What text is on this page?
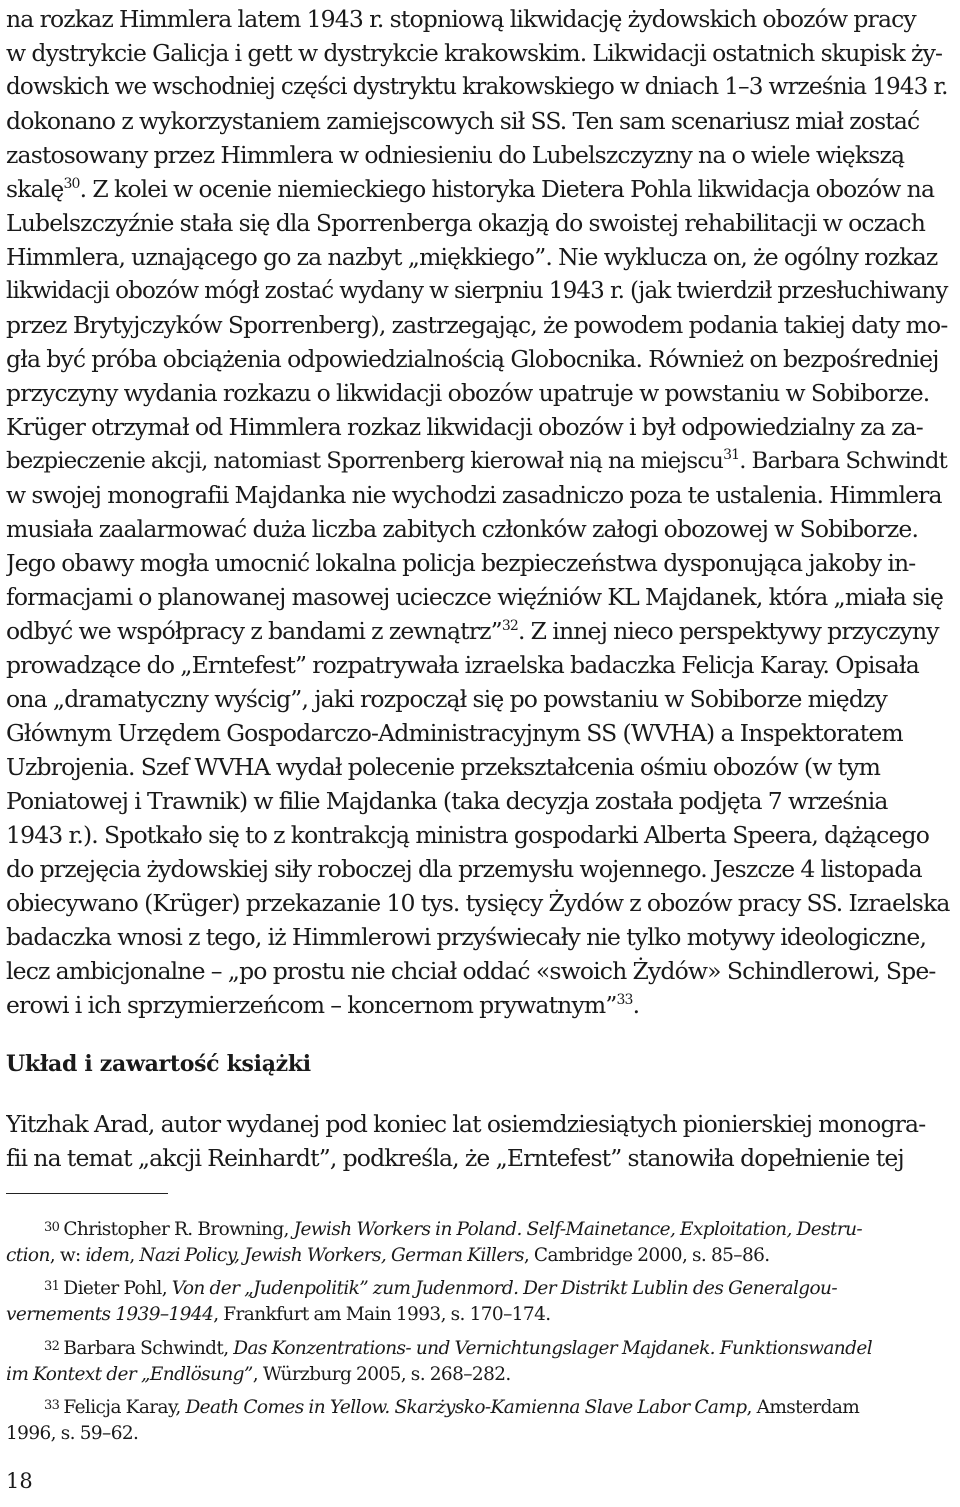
na rozkaz Himmlera latem 1943 r. stopniową likwidację żydowskich obozów pracy
w dystrykcie Galicja i gett w dystrykcie krakowskim. Likwidacji ostatnich skupisk ży-
dowskich we wschodniej części dystryktu krakowskiego w dniach 1–3 września 1943 r.
dokonano z wykorzystaniem zamiejscowych sił SS. Ten sam scenariusz miał zostać
zastosowany przez Himmlera w odniesieniu do Lubelszczyzny na o wiele większą
skalę$^{30}$. Z kolei w ocenie niemieckiego historyka Dietera Pohla likwidacja obozów na
Lubelszczyźnie stała się dla Sporrenberga okazją do swoistej rehabilitacji w oczach
Himmlera, uznającego go za nazbyt „miękkiego”. Nie wyklucza on, że ogólny rozkaz
likwidacji obozów mógł zostać wydany w sierpniu 1943 r. (jak twierdził przesłuchiwany
przez Brytyjczyków Sporrenberg), zastrzegając, że powodem podania takiej daty mo-
gła być próba obciążenia odpowiedzialnością Globocnika. Również on bezpośredniej
przyczyny wydania rozkazu o likwidacji obozów upatruje w powstaniu w Sobiborze.
Krüger otrzymał od Himmlera rozkaz likwidacji obozów i był odpowiedzialny za za-
bezpieczenie akcji, natomiast Sporrenberg kierował nią na miejscu$^{31}$. Barbara Schwindt
w swojej monografii Majdanka nie wychodzi zasadniczo poza te ustalenia. Himmlera
musiała zaalarmować duża liczba zabitych członków załogi obozowej w Sobiborze.
Jego obawy mogła umocnić lokalna policja bezpieczeństwa dysponująca jakoby in-
formacjami o planowanej masowej ucieczce więźniów KL Majdanek, która „miała się
odbyć we współpracy z bandami z zewnątrz”$^{32}$. Z innej nieco perspektywy przyczyny
prowadzące do „Erntefest” rozpatrywała izraelska badaczka Felicja Karay. Opisała
ona „dramatyczny wyścig”, jaki rozpoczął się po powstaniu w Sobiborze między
Głównym Urzędem Gospodarczo-Administracyjnym SS (WVHA) a Inspektoratem
Uzbrojenia. Szef WVHA wydał polecenie przekształcenia ośmiu obozów (w tym
Poniatowej i Trawnik) w filie Majdanka (taka decyzja została podjęta 7 września
1943 r.). Spotkało się to z kontrakcją ministra gospodarki Alberta Speera, dążącego
do przejęcia żydowskiej siły roboczej dla przemysłu wojennego. Jeszcze 4 listopada
obiecywano (Krüger) przekazanie 10 tys. tysięcy Żydów z obozów pracy SS. Izraelska
badaczka wnosi z tego, iż Himmlerowi przyświecały nie tylko motywy ideologiczne,
lecz ambicjonalne – „po prostu nie chciał oddać «swoich Żydów» Schindlerowi, Spe-
erowi i ich sprzymierzeńcom – koncernom prywatnym”$^{33}$.
Układ i zawartość książki
Yitzhak Arad, autor wydanej pod koniec lat osiemdziesiątych pionierskiej monogra-
fii na temat „akcji Reinhardt”, podkreśla, że „Erntefest” stanowiła dopełnienie tej
$^{30}$ Christopher R. Browning, Jewish Workers in Poland. Self-Mainetance, Exploitation, Destru-
ction, w: idem, Nazi Policy, Jewish Workers, German Killers, Cambridge 2000, s. 85–86.
$^{31}$ Dieter Pohl, Von der „Judenpolitik” zum Judenmord. Der Distrikt Lublin des Generalgou-
vernements 1939–1944, Frankfurt am Main 1993, s. 170–174.
$^{32}$ Barbara Schwindt, Das Konzentrations- und Vernichtungslager Majdanek. Funktionswandel
im Kontext der „Endlösung”, Würzburg 2005, s. 268–282.
$^{33}$ Felicja Karay, Death Comes in Yellow. Skarżysko-Kamienna Slave Labor Camp, Amsterdam
1996, s. 59–62.
18
